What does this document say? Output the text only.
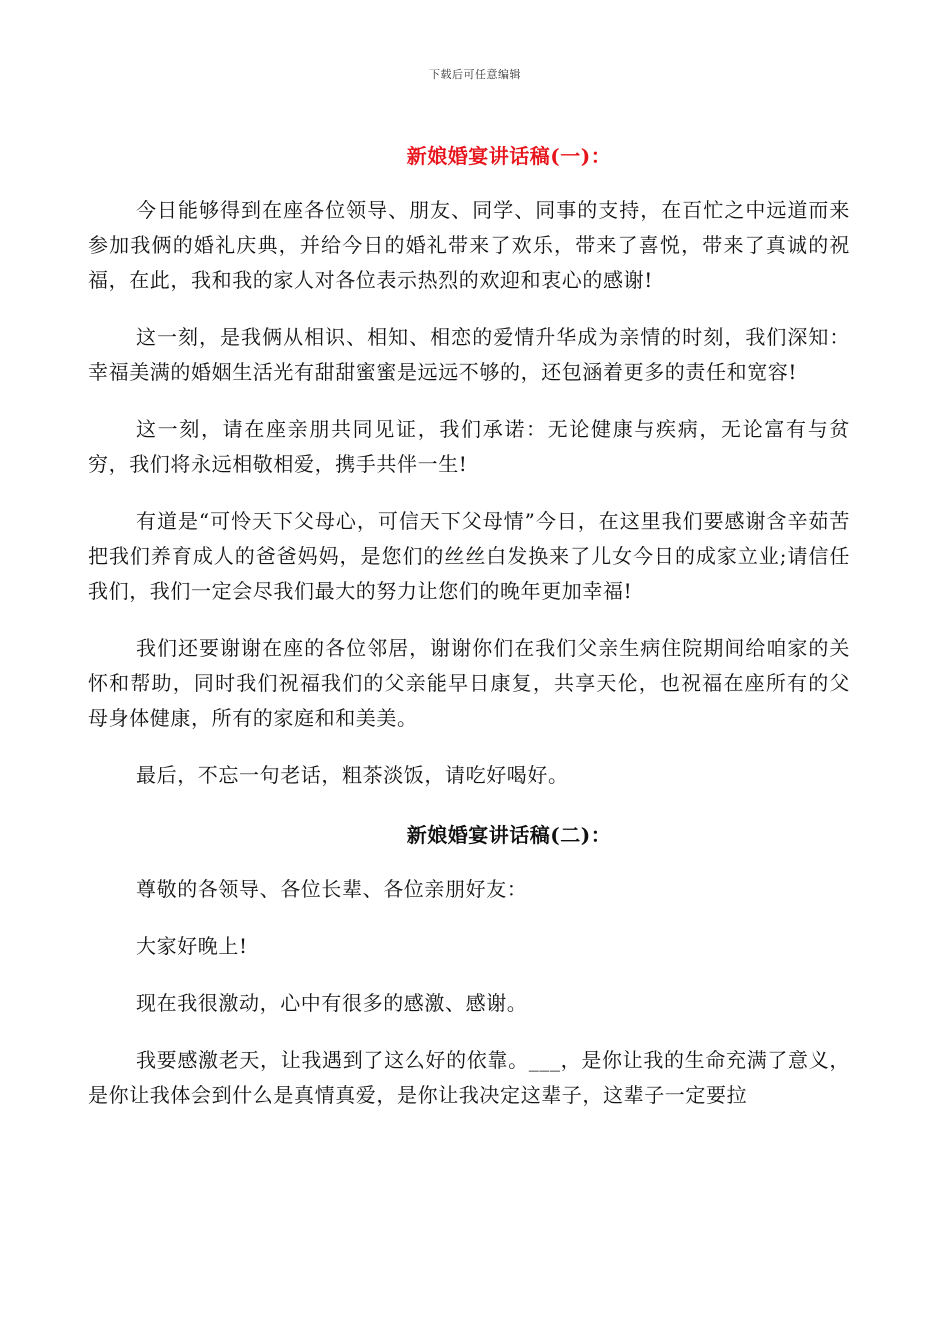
下载后可任意编辑
新娘婚宴讲话稿(一)：

今日能够得到在座各位领导、朋友、同学、同事的支持，在百忙之中远道而来参加我俩的婚礼庆典，并给今日的婚礼带来了欢乐，带来了喜悦，带来了真诚的祝福，在此，我和我的家人对各位表示热烈的欢迎和衷心的感谢!

这一刻，是我俩从相识、相知、相恋的爱情升华成为亲情的时刻，我们深知：幸福美满的婚姻生活光有甜甜蜜蜜是远远不够的，还包涵着更多的责任和宽容!

这一刻，请在座亲朋共同见证，我们承诺：无论健康与疾病，无论富有与贫穷，我们将永远相敬相爱，携手共伴一生!

有道是“可怜天下父母心，可信天下父母情”今日，在这里我们要感谢含辛茹苦把我们养育成人的爸爸妈妈，是您们的丝丝白发换来了儿女今日的成家立业;请信任我们，我们一定会尽我们最大的努力让您们的晚年更加幸福!

我们还要谢谢在座的各位邻居，谢谢你们在我们父亲生病住院期间给咱家的关怀和帮助，同时我们祝福我们的父亲能早日康复，共享天伦，也祝福在座所有的父母身体健康，所有的家庭和和美美。

最后，不忘一句老话，粗茶淡饭，请吃好喝好。

新娘婚宴讲话稿(二)：

尊敬的各领导、各位长辈、各位亲朋好友：

大家好晚上!

现在我很激动，心中有很多的感激、感谢。

我要感激老天，让我遇到了这么好的依靠。___，是你让我的生命充满了意义，是你让我体会到什么是真情真爱，是你让我决定这辈子，这辈子一定要拉
